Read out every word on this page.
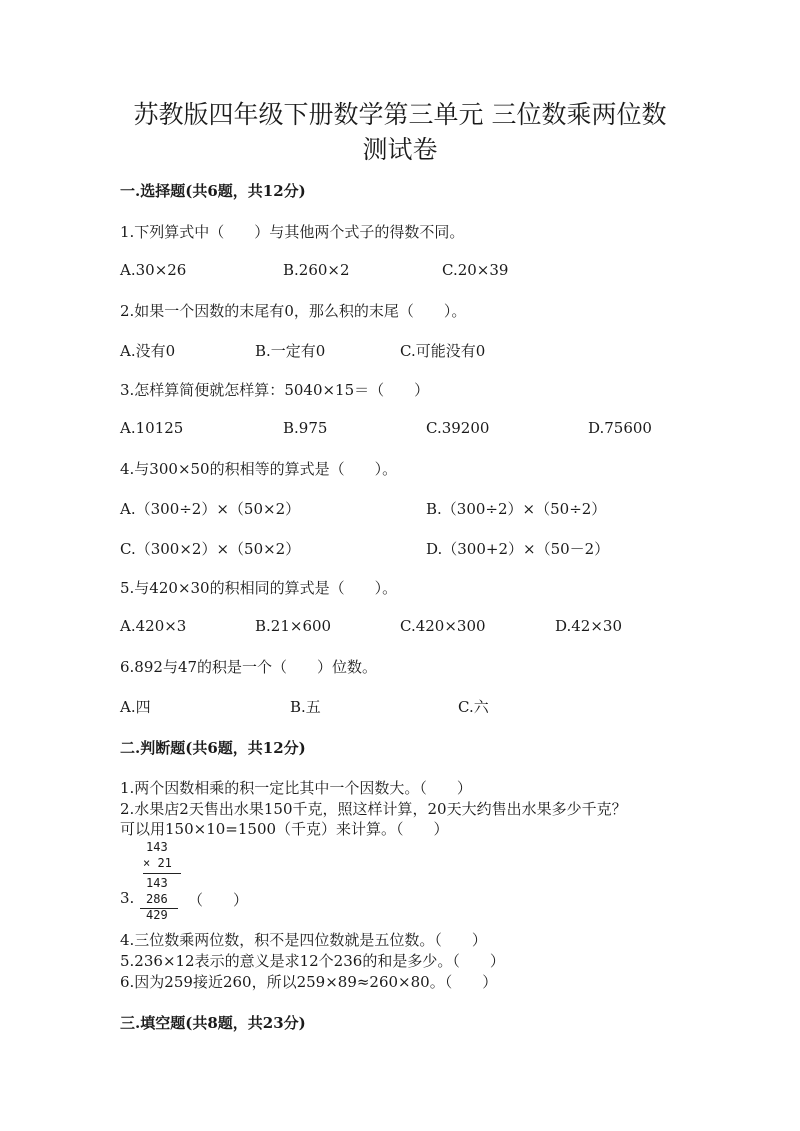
苏教版四年级下册数学第三单元 三位数乘两位数
测试卷
一.选择题(共6题，共12分)
1.下列算式中（　　）与其他两个式子的得数不同。
A.30×26	B.260×2	C.20×39
2.如果一个因数的末尾有0，那么积的末尾（　　）。
A.没有0	B.一定有0	C.可能没有0
3.怎样算简便就怎样算：5040×15＝（　　）
A.10125	B.975	C.39200	D.75600
4.与300×50的积相等的算式是（　　）。
A.（300÷2）×（50×2）	B.（300÷2）×（50÷2）
C.（300×2）×（50×2）	D.（300+2）×（50－2）
5.与420×30的积相同的算式是（　　）。
A.420×3	B.21×600	C.420×300	D.42×30
6.892与47的积是一个（　　）位数。
A.四	B.五	C.六
二.判断题(共6题，共12分)
1.两个因数相乘的积一定比其中一个因数大。（　　）
2.水果店2天售出水果150千克，照这样计算，20天大约售出水果多少千克？
可以用150×10=1500（千克）来计算。（　　）
143
× 21
143
286
429
3.	（　　）
4.三位数乘两位数，积不是四位数就是五位数。（　　）
5.236×12表示的意义是求12个236的和是多少。（　　）
6.因为259接近260，所以259×89≈260×80。（　　）
三.填空题(共8题，共23分)
